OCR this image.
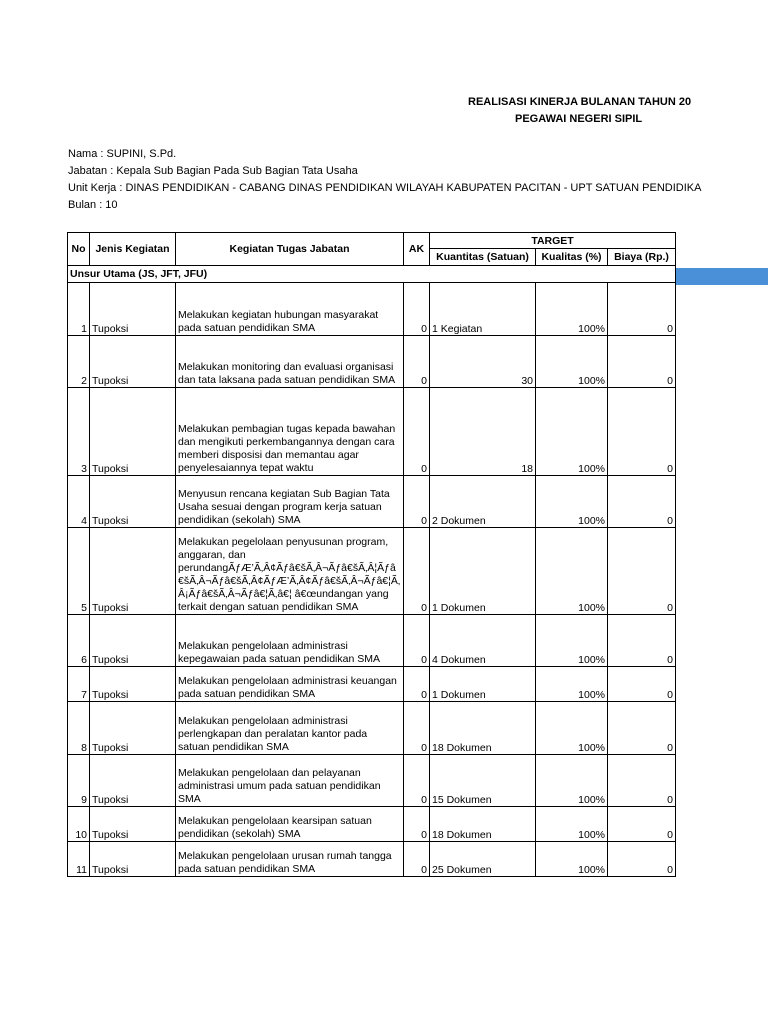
REALISASI KINERJA BULANAN TAHUN 20
PEGAWAI NEGERI SIPIL
Nama : SUPINI, S.Pd.
Jabatan : Kepala Sub Bagian Pada Sub Bagian Tata Usaha
Unit Kerja : DINAS PENDIDIKAN - CABANG DINAS PENDIDIKAN WILAYAH KABUPATEN PACITAN - UPT SATUAN PENDIDIKA
Bulan : 10
No	Jenis Kegiatan	Kegiatan Tugas Jabatan	AK	TARGET		
				Kuantitas (Satuan)	Kualitas (%)	Biaya (Rp.)
Unsur Utama (JS, JFT, JFU)						
1	Tupoksi	Melakukan kegiatan hubungan masyarakat pada satuan pendidikan SMA	0	1 Kegiatan	100%	0
2	Tupoksi	Melakukan monitoring dan evaluasi organisasi dan tata laksana pada satuan pendidikan SMA	0	30	100%	0
3	Tupoksi	Melakukan pembagian tugas kepada bawahan dan mengikuti perkembangannya dengan cara memberi disposisi dan memantau agar penyelesaiannya tepat waktu	0	18	100%	0
4	Tupoksi	Menyusun rencana kegiatan Sub Bagian Tata Usaha sesuai dengan program kerja satuan pendidikan (sekolah) SMA	0	2 Dokumen	100%	0
5	Tupoksi	Melakukan pegelolaan penyusunan program, anggaran, dan perundangÃƒÆ’Ã‚Â¢Ãƒâ€šÃ‚Â¬Ãƒâ€šÃ‚Â¦Ãƒâ€šÃ‚Â¬Ãƒâ€šÃ‚Â¢ÃƒÆ’Ã‚Â¢Ãƒâ€šÃ‚Â¬Ãƒâ€¦Ã‚Â¡Ãƒâ€šÃ‚Â¬Ãƒâ€¦Ã‚â€¦ â€œundangan yang terkait dengan satuan pendidikan SMA	0	1 Dokumen	100%	0
6	Tupoksi	Melakukan pengelolaan administrasi kepegawaian pada satuan pendidikan SMA	0	4 Dokumen	100%	0
7	Tupoksi	Melakukan pengelolaan administrasi keuangan pada satuan pendidikan SMA	0	1 Dokumen	100%	0
8	Tupoksi	Melakukan pengelolaan administrasi perlengkapan dan peralatan kantor pada satuan pendidikan SMA	0	18 Dokumen	100%	0
9	Tupoksi	Melakukan pengelolaan dan pelayanan administrasi umum pada satuan pendidikan SMA	0	15 Dokumen	100%	0
10	Tupoksi	Melakukan pengelolaan kearsipan satuan pendidikan (sekolah) SMA	0	18 Dokumen	100%	0
11	Tupoksi	Melakukan pengelolaan urusan rumah tangga pada satuan pendidikan SMA	0	25 Dokumen	100%	0
